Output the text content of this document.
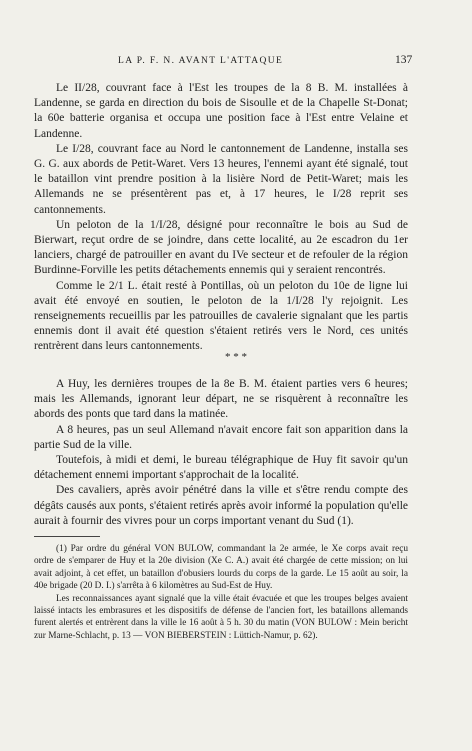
LA P. F. N. AVANT L'ATTAQUE	137

Le II/28, couvrant face à l'Est les troupes de la 8 B. M. installées à Landenne, se garda en direction du bois de Sisoulle et de la Chapelle St-Donat; la 60e batterie organisa et occupa une position face à l'Est entre Velaine et Landenne.

Le I/28, couvrant face au Nord le cantonnement de Landenne, installa ses G. G. aux abords de Petit-Waret. Vers 13 heures, l'ennemi ayant été signalé, tout le bataillon vint prendre position à la lisière Nord de Petit-Waret; mais les Allemands ne se présentèrent pas et, à 17 heures, le I/28 reprit ses cantonnements.

Un peloton de la 1/I/28, désigné pour reconnaître le bois au Sud de Bierwart, reçut ordre de se joindre, dans cette localité, au 2e escadron du 1er lanciers, chargé de patrouiller en avant du IVe secteur et de refouler de la région Burdinne-Forville les petits détachements ennemis qui y seraient rencontrés.

Comme le 2/1 L. était resté à Pontillas, où un peloton du 10e de ligne lui avait été envoyé en soutien, le peloton de la 1/I/28 l'y rejoignit. Les renseignements recueillis par les patrouilles de cavalerie signalant que les partis ennemis dont il avait été question s'étaient retirés vers le Nord, ces unités rentrèrent dans leurs cantonnements.

* * *

A Huy, les dernières troupes de la 8e B. M. étaient parties vers 6 heures; mais les Allemands, ignorant leur départ, ne se risquèrent à reconnaître les abords des ponts que tard dans la matinée.

A 8 heures, pas un seul Allemand n'avait encore fait son apparition dans la partie Sud de la ville.

Toutefois, à midi et demi, le bureau télégraphique de Huy fit savoir qu'un détachement ennemi important s'approchait de la localité.

Des cavaliers, après avoir pénétré dans la ville et s'être rendu compte des dégâts causés aux ponts, s'étaient retirés après avoir informé la population qu'elle aurait à fournir des vivres pour un corps important venant du Sud (1).

(1) Par ordre du général VON BULOW, commandant la 2e armée, le Xe corps avait reçu ordre de s'emparer de Huy et la 20e division (Xe C. A.) avait été chargée de cette mission; on lui avait adjoint, à cet effet, un bataillon d'obusiers lourds du corps de la garde. Le 15 août au soir, la 40e brigade (20 D. I.) s'arrêta à 6 kilomètres au Sud-Est de Huy.

Les reconnaissances ayant signalé que la ville était évacuée et que les troupes belges avaient laissé intacts les embrasures et les dispositifs de défense de l'ancien fort, les bataillons allemands furent alertés et entrèrent dans la ville le 16 août à 5 h. 30 du matin (VON BULOW : Mein bericht zur Marne-Schlacht, p. 13 — VON BIEBERSTEIN : Lüttich-Namur, p. 62).
